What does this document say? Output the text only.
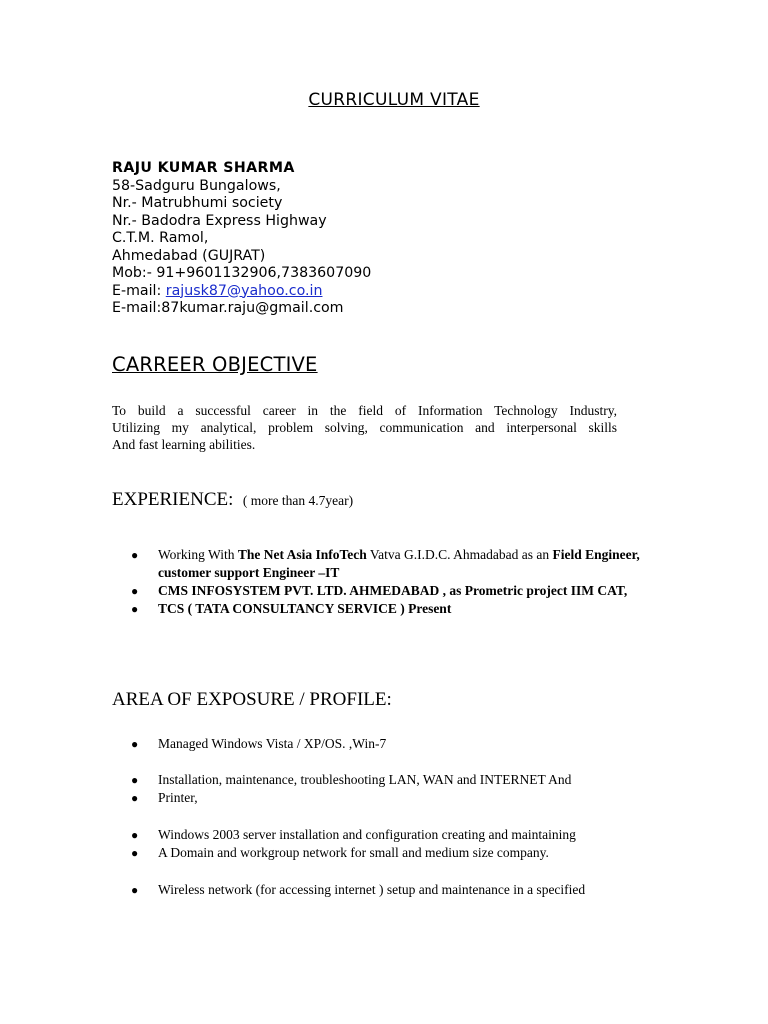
CURRICULUM VITAE
RAJU KUMAR SHARMA
58-Sadguru Bungalows,
Nr.- Matrubhumi society
Nr.- Badodra Express Highway
C.T.M. Ramol,
Ahmedabad (GUJRAT)
Mob:- 91+9601132906,7383607090
E-mail: rajusk87@yahoo.co.in
E-mail:87kumar.raju@gmail.com
CARREER OBJECTIVE
To build a successful career in the field of Information Technology Industry,
Utilizing my analytical, problem solving, communication and interpersonal skills
And fast learning abilities.
EXPERIENCE: ( more than 4.7year)
● Working With The Net Asia InfoTech Vatva G.I.D.C. Ahmadabad as an Field Engineer, customer support Engineer –IT
● CMS INFOSYSTEM PVT. LTD. AHMEDABAD , as Prometric project IIM CAT,
● TCS ( TATA CONSULTANCY SERVICE ) Present
AREA OF EXPOSURE / PROFILE:
● Managed Windows Vista / XP/OS. ,Win-7
● Installation, maintenance, troubleshooting LAN, WAN and INTERNET And
● Printer,
● Windows 2003 server installation and configuration creating and maintaining
● A Domain and workgroup network for small and medium size company.
● Wireless network (for accessing internet ) setup and maintenance in a specified
